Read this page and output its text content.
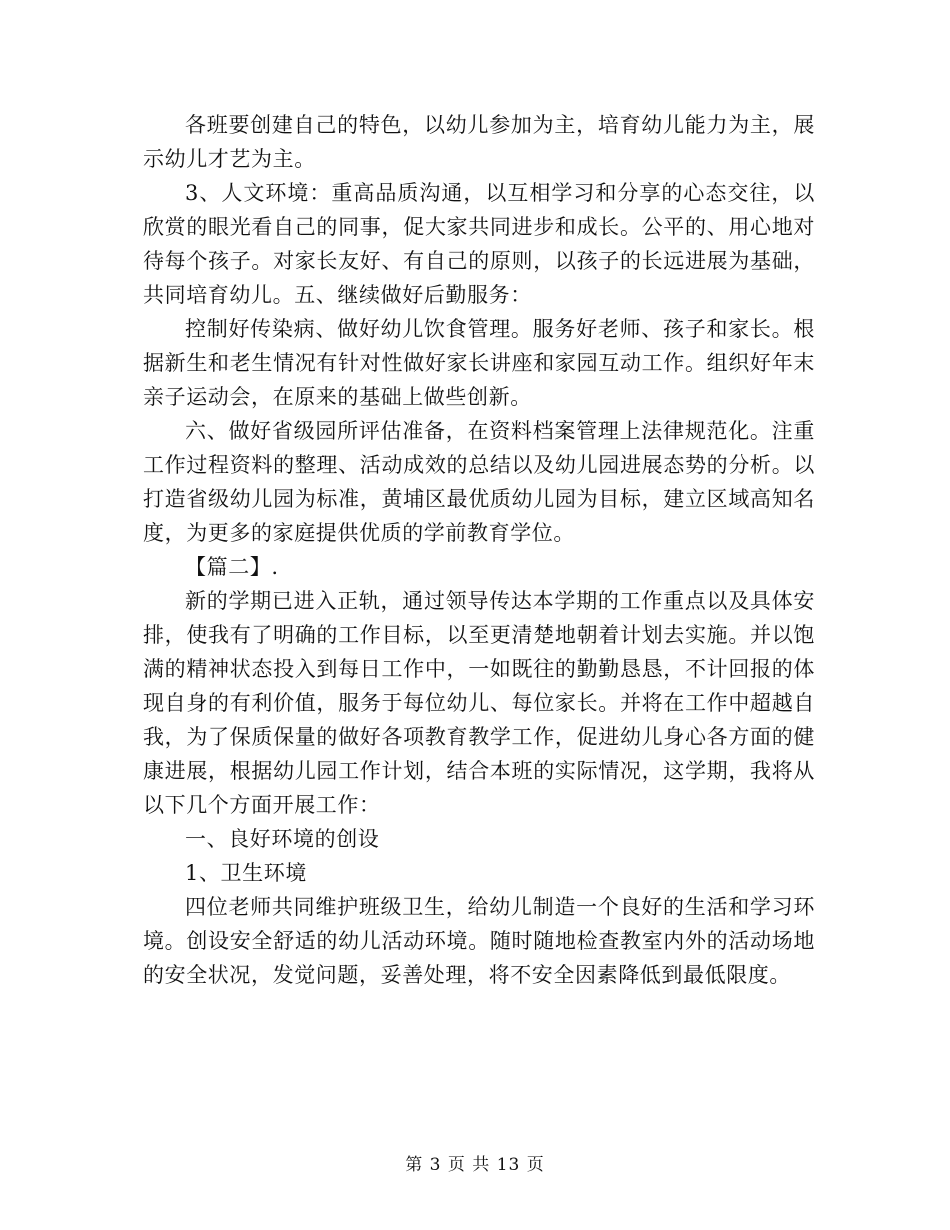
各班要创建自己的特色，以幼儿参加为主，培育幼儿能力为主，展示幼儿才艺为主。

3、人文环境：重高品质沟通，以互相学习和分享的心态交往，以欣赏的眼光看自己的同事，促大家共同进步和成长。公平的、用心地对待每个孩子。对家长友好、有自己的原则，以孩子的长远进展为基础，共同培育幼儿。五、继续做好后勤服务：

控制好传染病、做好幼儿饮食管理。服务好老师、孩子和家长。根据新生和老生情况有针对性做好家长讲座和家园互动工作。组织好年末亲子运动会，在原来的基础上做些创新。

六、做好省级园所评估准备，在资料档案管理上法律规范化。注重工作过程资料的整理、活动成效的总结以及幼儿园进展态势的分析。以打造省级幼儿园为标准，黄埔区最优质幼儿园为目标，建立区域高知名度，为更多的家庭提供优质的学前教育学位。

【篇二】.

新的学期已进入正轨，通过领导传达本学期的工作重点以及具体安排，使我有了明确的工作目标，以至更清楚地朝着计划去实施。并以饱满的精神状态投入到每日工作中，一如既往的勤勤恳恳，不计回报的体现自身的有利价值，服务于每位幼儿、每位家长。并将在工作中超越自我，为了保质保量的做好各项教育教学工作，促进幼儿身心各方面的健康进展，根据幼儿园工作计划，结合本班的实际情况，这学期，我将从以下几个方面开展工作：

一、良好环境的创设

1、卫生环境

四位老师共同维护班级卫生，给幼儿制造一个良好的生活和学习环境。创设安全舒适的幼儿活动环境。随时随地检查教室内外的活动场地的安全状况，发觉问题，妥善处理，将不安全因素降低到最低限度。

第 3 页 共 13 页
